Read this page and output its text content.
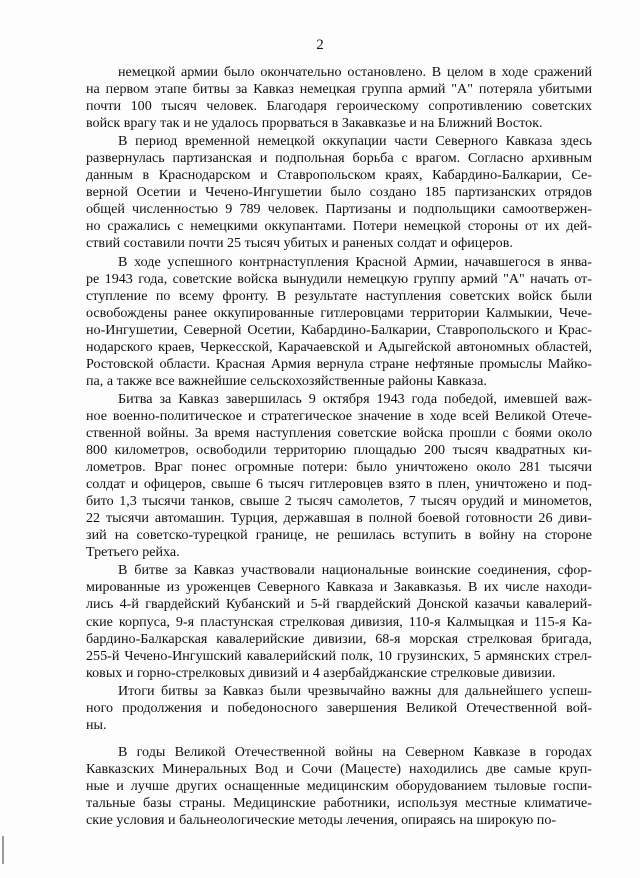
2

немецкой армии было окончательно остановлено. В целом в ходе сражений
на первом этапе битвы за Кавказ немецкая группа армий "А" потеряла убитыми
почти 100 тысяч человек. Благодаря героическому сопротивлению советских
войск врагу так и не удалось прорваться в Закавказье и на Ближний Восток.

В период временной немецкой оккупации части Северного Кавказа здесь
развернулась партизанская и подпольная борьба с врагом. Согласно архивным
данным в Краснодарском и Ставропольском краях, Кабардино-Балкарии, Се-
верной Осетии и Чечено-Ингушетии было создано 185 партизанских отрядов
общей численностью 9 789 человек. Партизаны и подпольщики самоотвержен-
но сражались с немецкими оккупантами. Потери немецкой стороны от их дей-
ствий составили почти 25 тысяч убитых и раненых солдат и офицеров.

В ходе успешного контрнаступления Красной Армии, начавшегося в янва-
ре 1943 года, советские войска вынудили немецкую группу армий "А" начать от-
ступление по всему фронту. В результате наступления советских войск были
освобождены ранее оккупированные гитлеровцами территории Калмыкии, Чече-
но-Ингушетии, Северной Осетии, Кабардино-Балкарии, Ставропольского и Крас-
нодарского краев, Черкесской, Карачаевской и Адыгейской автономных областей,
Ростовской области. Красная Армия вернула стране нефтяные промыслы Майко-
па, а также все важнейшие сельскохозяйственные районы Кавказа.

Битва за Кавказ завершилась 9 октября 1943 года победой, имевшей важ-
ное военно-политическое и стратегическое значение в ходе всей Великой Отече-
ственной войны. За время наступления советские войска прошли с боями около
800 километров, освободили территорию площадью 200 тысяч квадратных ки-
лометров. Враг понес огромные потери: было уничтожено около 281 тысячи
солдат и офицеров, свыше 6 тысяч гитлеровцев взято в плен, уничтожено и под-
бито 1,3 тысячи танков, свыше 2 тысяч самолетов, 7 тысяч орудий и минометов,
22 тысячи автомашин. Турция, державшая в полной боевой готовности 26 диви-
зий на советско-турецкой границе, не решилась вступить в войну на стороне
Третьего рейха.

В битве за Кавказ участвовали национальные воинские соединения, сфор-
мированные из уроженцев Северного Кавказа и Закавказья. В их числе находи-
лись 4-й гвардейский Кубанский и 5-й гвардейский Донской казачьи кавалерий-
ские корпуса, 9-я пластунская стрелковая дивизия, 110-я Калмыцкая и 115-я Ка-
бардино-Балкарская кавалерийские дивизии, 68-я морская стрелковая бригада,
255-й Чечено-Ингушский кавалерийский полк, 10 грузинских, 5 армянских стрел-
ковых и горно-стрелковых дивизий и 4 азербайджанские стрелковые дивизии.

Итоги битвы за Кавказ были чрезвычайно важны для дальнейшего успеш-
ного продолжения и победоносного завершения Великой Отечественной вой-
ны.

В годы Великой Отечественной войны на Северном Кавказе в городах
Кавказских Минеральных Вод и Сочи (Мацесте) находились две самые круп-
ные и лучше других оснащенные медицинским оборудованием тыловые госпи-
тальные базы страны. Медицинские работники, используя местные климатиче-
ские условия и бальнеологические методы лечения, опираясь на широкую по-
